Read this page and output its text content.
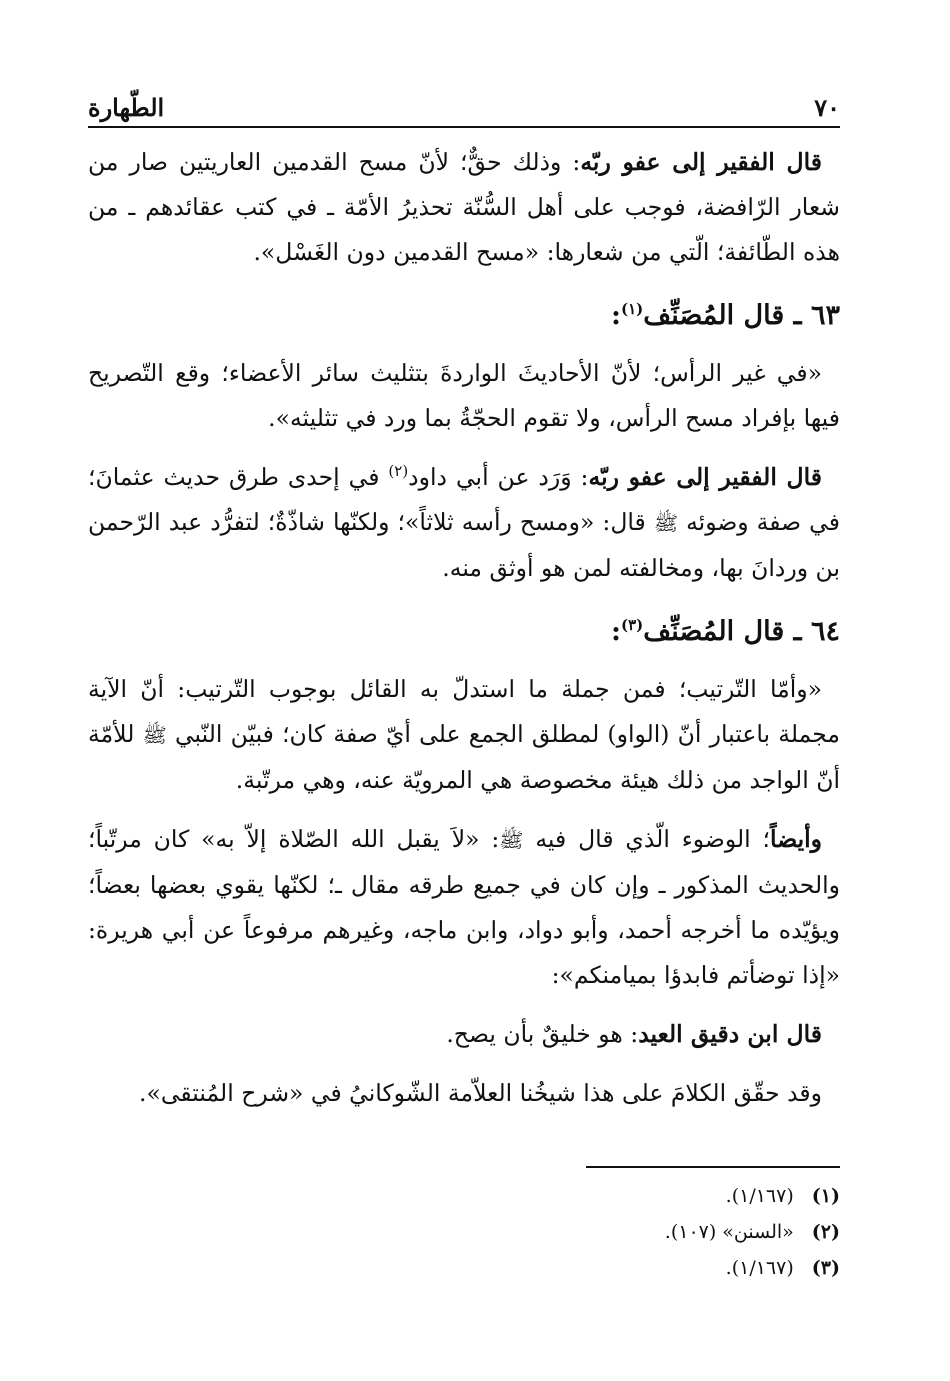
٧٠
الطّهارة

قال الفقير إلى عفو ربّه: وذلك حقٌّ؛ لأنّ مسح القدمين العاريتين صار من شعار الرّافضة، فوجب على أهل السُّنّة تحذيرُ الأمّة ـ في كتب عقائدهم ـ من هذه الطّائفة؛ الّتي من شعارها: «مسح القدمين دون الغَسْل».

٦٣ ـ قال المُصَنِّف$^{(١)}$:

«في غير الرأس؛ لأنّ الأحاديثَ الواردةَ بتثليث سائر الأعضاء؛ وقع التّصريح فيها بإفراد مسح الرأس، ولا تقوم الحجّةُ بما ورد في تثليثه».

قال الفقير إلى عفو ربّه: وَرَد عن أبي داود$^{(٢)}$ في إحدى طرق حديث عثمانَ؛ في صفة وضوئه ﷺ قال: «ومسح رأسه ثلاثاً»؛ ولكنّها شاذّةٌ؛ لتفرُّد عبد الرّحمن بن وردانَ بها، ومخالفته لمن هو أوثق منه.

٦٤ ـ قال المُصَنِّف$^{(٣)}$:

«وأمّا التّرتيب؛ فمن جملة ما استدلّ به القائل بوجوب التّرتيب: أنّ الآية مجملة باعتبار أنّ (الواو) لمطلق الجمع على أيّ صفة كان؛ فبيّن النّبي ﷺ للأمّة أنّ الواجد من ذلك هيئة مخصوصة هي المرويّة عنه، وهي مرتّبة.

وأيضاً؛ الوضوء الّذي قال فيه ﷺ: «لاَ يقبل الله الصّلاة إلاّ به» كان مرتّباً؛ والحديث المذكور ـ وإن كان في جميع طرقه مقال ـ؛ لكنّها يقوي بعضها بعضاً؛ ويؤيّده ما أخرجه أحمد، وأبو دواد، وابن ماجه، وغيرهم مرفوعاً عن أبي هريرة: «إذا توضأتم فابدؤا بميامنكم»:

قال ابن دقيق العيد: هو خليقٌ بأن يصح.

وقد حقّق الكلامَ على هذا شيخُنا العلاّمة الشّوكانيُ في «شرح المُنتقى».

(١)
(١/١٦٧).
(٢)
«السنن» (١٠٧).
(٣)
(١/١٦٧).
